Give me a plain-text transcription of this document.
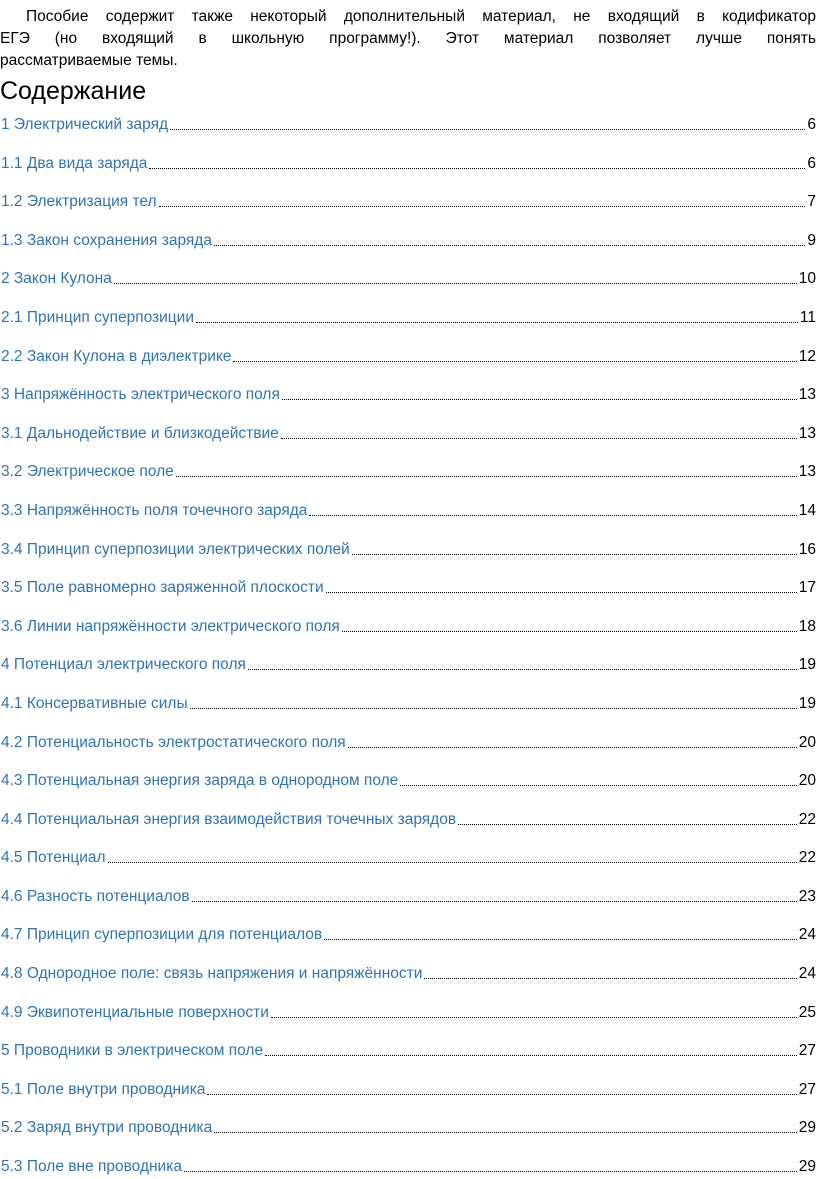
Пособие содержит также некоторый дополнительный материал, не входящий в кодификатор
ЕГЭ (но входящий в школьную программу!). Этот материал позволяет лучше понять
рассматриваемые темы.
Содержание
1 Электрический заряд	6
1.1 Два вида заряда	6
1.2 Электризация тел	7
1.3 Закон сохранения заряда	9
2 Закон Кулона	10
2.1 Принцип суперпозиции	11
2.2 Закон Кулона в диэлектрике	12
3 Напряжённость электрического поля	13
3.1 Дальнодействие и близкодействие	13
3.2 Электрическое поле	13
3.3 Напряжённость поля точечного заряда	14
3.4 Принцип суперпозиции электрических полей	16
3.5 Поле равномерно заряженной плоскости	17
3.6 Линии напряжённости электрического поля	18
4 Потенциал электрического поля	19
4.1 Консервативные силы	19
4.2 Потенциальность электростатического поля	20
4.3 Потенциальная энергия заряда в однородном поле	20
4.4 Потенциальная энергия взаимодействия точечных зарядов	22
4.5 Потенциал	22
4.6 Разность потенциалов	23
4.7 Принцип суперпозиции для потенциалов	24
4.8 Однородное поле: связь напряжения и напряжённости	24
4.9 Эквипотенциальные поверхности	25
5 Проводники в электрическом поле	27
5.1 Поле внутри проводника	27
5.2 Заряд внутри проводника	29
5.3 Поле вне проводника	29
